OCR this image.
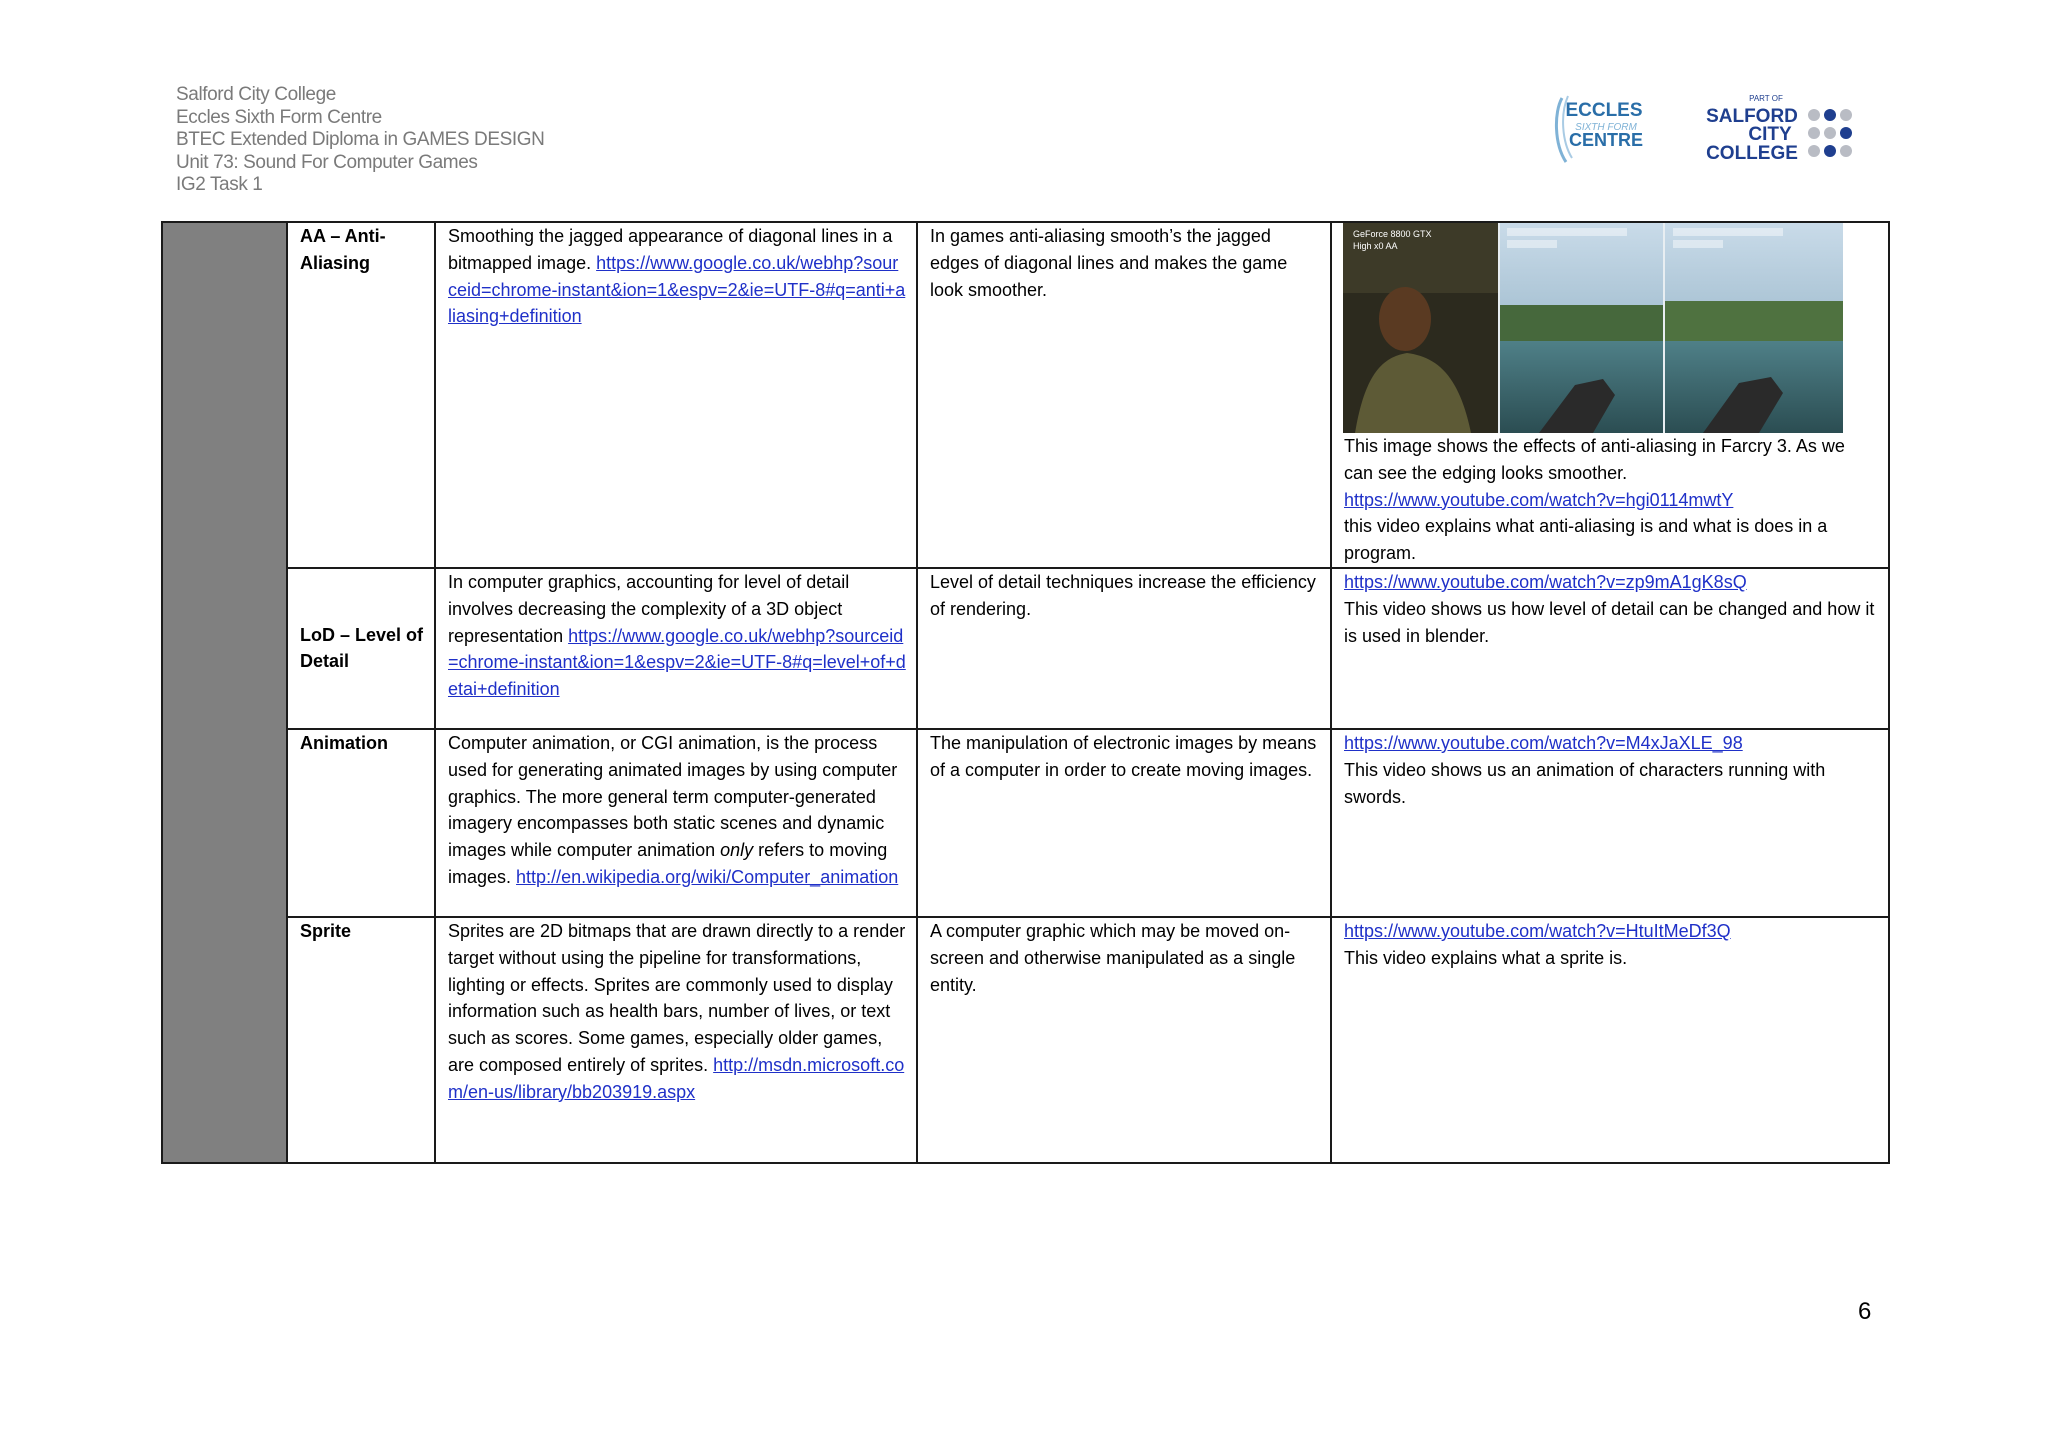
Salford City College
Eccles Sixth Form Centre
BTEC Extended Diploma in GAMES DESIGN
Unit 73: Sound For Computer Games
IG2 Task 1
ECCLES
SIXTH FORM
CENTRE
PART OF
SALFORD
CITY
COLLEGE
	AA – Anti-Aliasing	Smoothing the jagged appearance of diagonal lines in a bitmapped image. https://www.google.co.uk/webhp?sourceid=chrome-instant&ion=1&espv=2&ie=UTF-8#q=anti+aliasing+definition	In games anti-aliasing smooth’s the jagged edges of diagonal lines and makes the game look smoother.	GeForce 8800 GTX
High x0 AA
This image shows the effects of anti-aliasing in Farcry 3. As we can see the edging looks smoother.
https://www.youtube.com/watch?v=hgi0114mwtY
this video explains what anti-aliasing is and what is does in a program.

	LoD – Level of Detail	In computer graphics, accounting for level of detail involves decreasing the complexity of a 3D object representation https://www.google.co.uk/webhp?sourceid=chrome-instant&ion=1&espv=2&ie=UTF-8#q=level+of+detai+definition	Level of detail techniques increase the efficiency of rendering.	https://www.youtube.com/watch?v=zp9mA1gK8sQ
This video shows us how level of detail can be changed and how it is used in blender.

	Animation	Computer animation, or CGI animation, is the process used for generating animated images by using computer graphics. The more general term computer-generated imagery encompasses both static scenes and dynamic images while computer animation only refers to moving images. http://en.wikipedia.org/wiki/Computer_animation	The manipulation of electronic images by means of a computer in order to create moving images.	https://www.youtube.com/watch?v=M4xJaXLE_98
This video shows us an animation of characters running with swords.

	Sprite	Sprites are 2D bitmaps that are drawn directly to a render target without using the pipeline for transformations, lighting or effects. Sprites are commonly used to display information such as health bars, number of lives, or text such as scores. Some games, especially older games, are composed entirely of sprites. http://msdn.microsoft.com/en-us/library/bb203919.aspx	A computer graphic which may be moved on-screen and otherwise manipulated as a single entity.	https://www.youtube.com/watch?v=HtuItMeDf3Q
This video explains what a sprite is.
6
